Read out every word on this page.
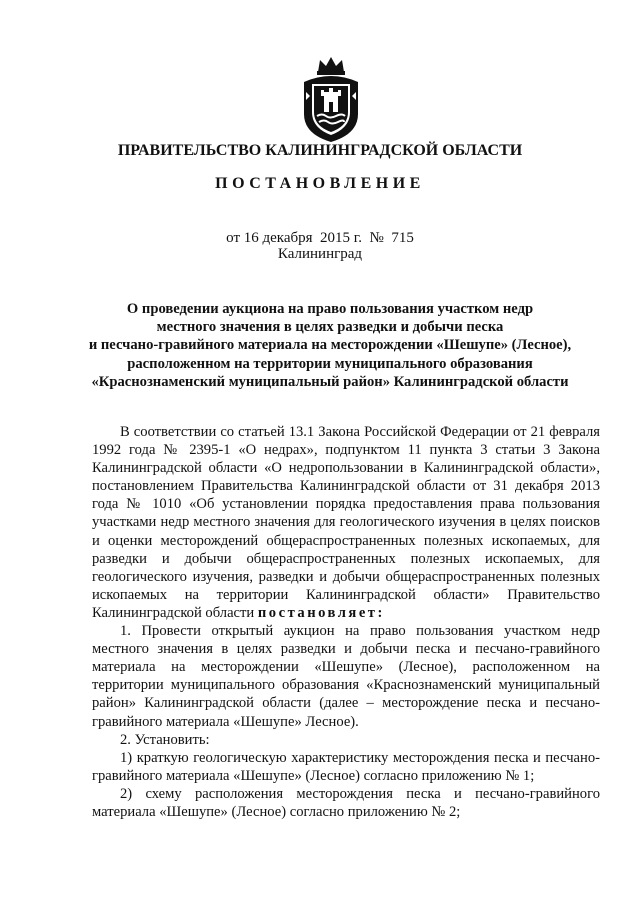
ПРАВИТЕЛЬСТВО КАЛИНИНГРАДСКОЙ ОБЛАСТИ
ПОСТАНОВЛЕНИЕ
от 16 декабря  2015 г.  №  715
Калининград
О проведении аукциона на право пользования участком недр
местного значения в целях разведки и добычи песка
и песчано-гравийного материала на месторождении «Шешупе» (Лесное),
расположенном на территории муниципального образования
«Краснознаменский муниципальный район» Калининградской области

В соответствии со статьей 13.1 Закона Российской Федерации от 21 февраля 1992 года № 2395-1 «О недрах», подпунктом 11 пункта 3 статьи 3 Закона Калининградской области «О недропользовании в Калининградской области», постановлением Правительства Калининградской области от 31 декабря 2013 года № 1010 «Об установлении порядка предоставления права пользования участками недр местного значения для геологического изучения в целях поисков и оценки месторождений общераспространенных полезных ископаемых, для разведки и добычи общераспространенных полезных ископаемых, для геологического изучения, разведки и добычи общераспространенных полезных ископаемых на территории Калининградской области» Правительство Калининградской области постановляет:

1. Провести открытый аукцион на право пользования участком недр местного значения в целях разведки и добычи песка и песчано-гравийного материала на месторождении «Шешупе» (Лесное), расположенном на территории муниципального образования «Краснознаменский муниципальный район» Калининградской области (далее – месторождение песка и песчано-гравийного материала «Шешупе» Лесное).

2. Установить:

1) краткую геологическую характеристику месторождения песка и песчано-гравийного материала «Шешупе» (Лесное) согласно приложению № 1;

2) схему расположения месторождения песка и песчано-гравийного материала «Шешупе» (Лесное) согласно приложению № 2;
